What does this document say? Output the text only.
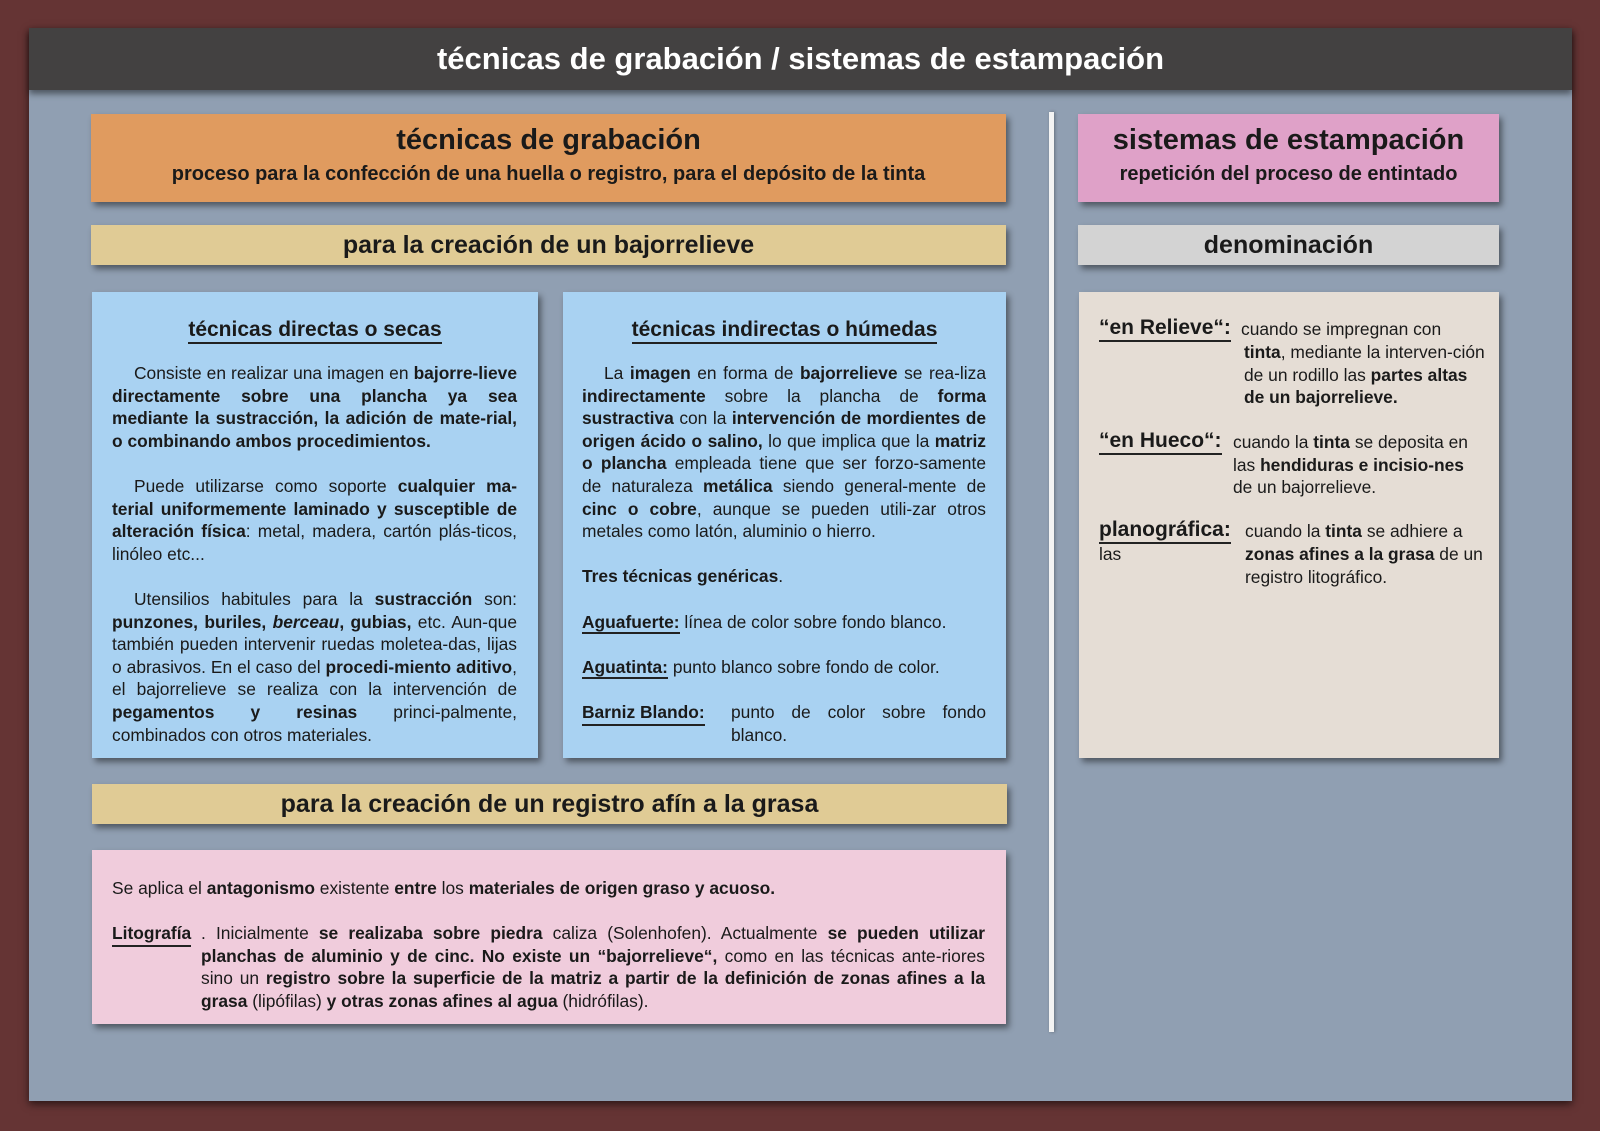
técnicas de grabación / sistemas de estampación
técnicas de grabación
proceso para la confección de una huella o registro, para el depósito de la tinta
sistemas de estampación
repetición del proceso de entintado
para la creación de un bajorrelieve	denominación
técnicas directas o secas

Consiste en realizar una imagen en bajorre-lieve directamente sobre una plancha ya sea mediante la sustracción, la adición de mate-rial, o combinando ambos procedimientos.

Puede utilizarse como soporte cualquier ma-terial uniformemente laminado y susceptible de alteración física: metal, madera, cartón plás-ticos, linóleo etc...

Utensilios habitules para la sustracción son: punzones, buriles, berceau, gubias, etc. Aun-que también pueden intervenir ruedas moletea-das, lijas o abrasivos. En el caso del procedi-miento aditivo, el bajorrelieve se realiza con la intervención de pegamentos y resinas princi-palmente, combinados con otros materiales.

técnicas indirectas o húmedas

La imagen en forma de bajorrelieve se rea-liza indirectamente sobre la plancha de forma sustractiva con la intervención de mordientes de origen ácido o salino, lo que implica que la matriz o plancha empleada tiene que ser forzo-samente de naturaleza metálica siendo general-mente de cinc o cobre, aunque se pueden utili-zar otros metales como latón, aluminio o hierro.

Tres técnicas genéricas.

Aguafuerte: línea de color sobre fondo blanco.

Aguatinta: punto blanco sobre fondo de color.

Barniz Blando: punto de color sobre fondo blanco.
“en Relieve“: cuando se impregnan con
tinta, mediante la interven-ción de un rodillo las partes altas de un bajorrelieve.
“en Hueco“: cuando la tinta se deposita en las hendiduras e incisio-nes de un bajorrelieve.
planográfica: cuando la tinta se adhiere a las	zonas afines a la grasa de un registro litográfico.
para la creación de un registro afín a la grasa

Se aplica el antagonismo existente entre los materiales de origen graso y acuoso.

Litografía . Inicialmente se realizaba sobre piedra caliza (Solenhofen). Actualmente se pueden utilizar planchas de aluminio y de cinc. No existe un “bajorrelieve“, como en las técnicas ante-riores sino un registro sobre la superficie de la matriz a partir de la definición de zonas afines a la grasa (lipófilas) y otras zonas afines al agua (hidrófilas).
